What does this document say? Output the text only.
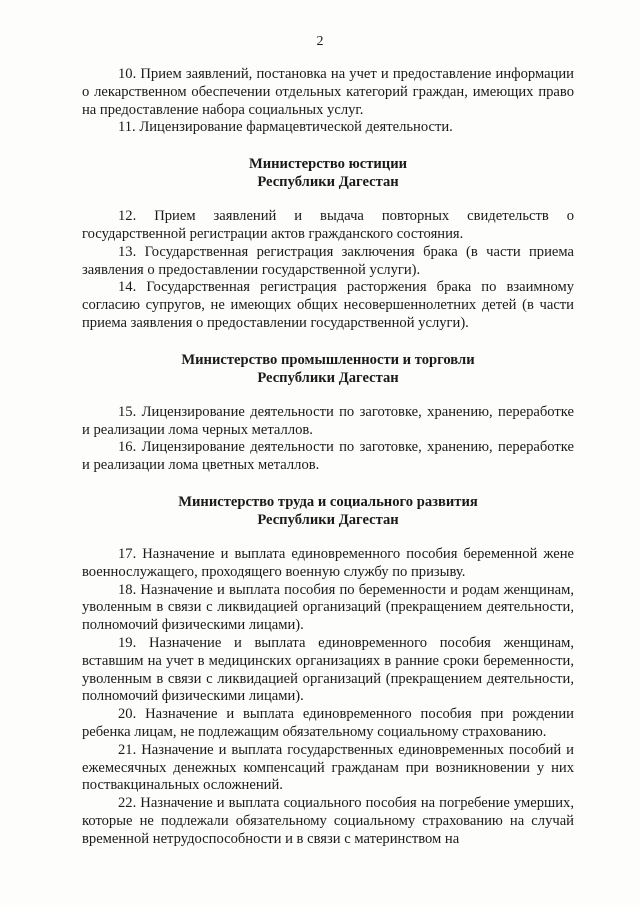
2

10. Прием заявлений, постановка на учет и предоставление информации о лекарственном обеспечении отдельных категорий граждан, имеющих право на предоставление набора социальных услуг.

11. Лицензирование фармацевтической деятельности.

Министерство юстиции
Республики Дагестан

12. Прием заявлений и выдача повторных свидетельств о государственной регистрации актов гражданского состояния.

13. Государственная регистрация заключения брака (в части приема заявления о предоставлении государственной услуги).

14. Государственная регистрация расторжения брака по взаимному согласию супругов, не имеющих общих несовершеннолетних детей (в части приема заявления о предоставлении государственной услуги).

Министерство промышленности и торговли
Республики Дагестан

15. Лицензирование деятельности по заготовке, хранению, переработке и реализации лома черных металлов.

16. Лицензирование деятельности по заготовке, хранению, переработке и реализации лома цветных металлов.

Министерство труда и социального развития
Республики Дагестан

17. Назначение и выплата единовременного пособия беременной жене военнослужащего, проходящего военную службу по призыву.

18. Назначение и выплата пособия по беременности и родам женщинам, уволенным в связи с ликвидацией организаций (прекращением деятельности, полномочий физическими лицами).

19. Назначение и выплата единовременного пособия женщинам, вставшим на учет в медицинских организациях в ранние сроки беременности, уволенным в связи с ликвидацией организаций (прекращением деятельности, полномочий физическими лицами).

20. Назначение и выплата единовременного пособия при рождении ребенка лицам, не подлежащим обязательному социальному страхованию.

21. Назначение и выплата государственных единовременных пособий и ежемесячных денежных компенсаций гражданам при возникновении у них поствакцинальных осложнений.

22. Назначение и выплата социального пособия на погребение умерших, которые не подлежали обязательному социальному страхованию на случай временной нетрудоспособности и в связи с материнством на
